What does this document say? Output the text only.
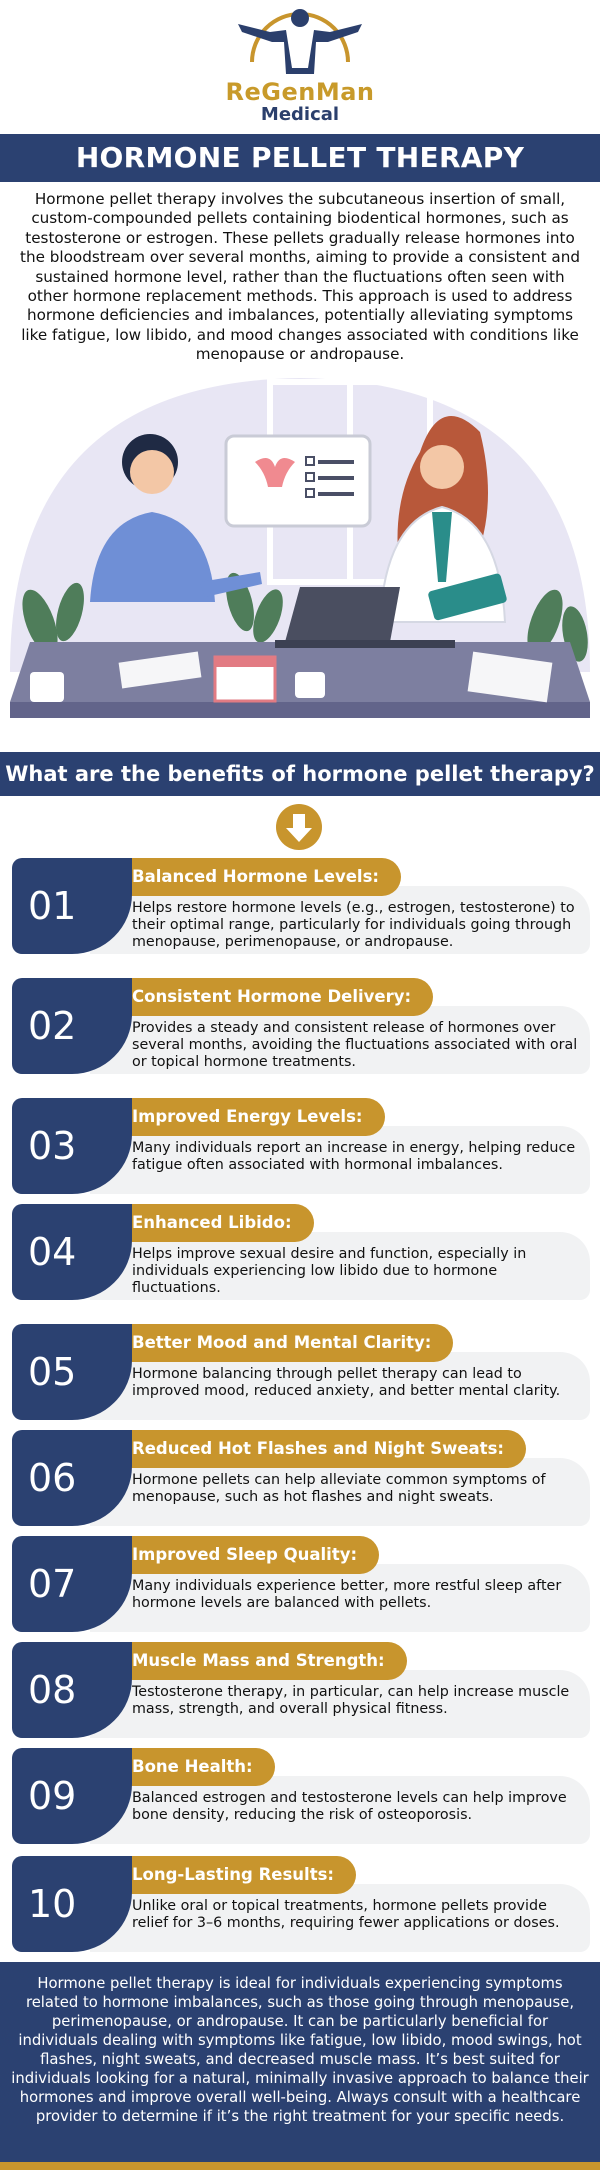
ReGenMan
Medical
HORMONE PELLET THERAPY
Hormone pellet therapy involves the subcutaneous insertion of small, custom-compounded pellets containing biodentical hormones, such as testosterone or estrogen. These pellets gradually release hormones into the bloodstream over several months, aiming to provide a consistent and sustained hormone level, rather than the fluctuations often seen with other hormone replacement methods. This approach is used to address hormone deficiencies and imbalances, potentially alleviating symptoms like fatigue, low libido, and mood changes associated with conditions like menopause or andropause.
What are the benefits of hormone pellet therapy?
Balanced Hormone Levels:
01	Helps restore hormone levels (e.g., estrogen, testosterone) to their optimal range, particularly for individuals going through menopause, perimenopause, or andropause.
Consistent Hormone Delivery:
02	Provides a steady and consistent release of hormones over several months, avoiding the fluctuations associated with oral or topical hormone treatments.
Improved Energy Levels:
03	Many individuals report an increase in energy, helping reduce fatigue often associated with hormonal imbalances.
Enhanced Libido:
04	Helps improve sexual desire and function, especially in individuals experiencing low libido due to hormone fluctuations.
Better Mood and Mental Clarity:
05	Hormone balancing through pellet therapy can lead to improved mood, reduced anxiety, and better mental clarity.
Reduced Hot Flashes and Night Sweats:
06	Hormone pellets can help alleviate common symptoms of menopause, such as hot flashes and night sweats.
Improved Sleep Quality:
07	Many individuals experience better, more restful sleep after hormone levels are balanced with pellets.
Muscle Mass and Strength:
08	Testosterone therapy, in particular, can help increase muscle mass, strength, and overall physical fitness.
Bone Health:
09	Balanced estrogen and testosterone levels can help improve bone density, reducing the risk of osteoporosis.
Long-Lasting Results:
10	Unlike oral or topical treatments, hormone pellets provide relief for 3–6 months, requiring fewer applications or doses.
Hormone pellet therapy is ideal for individuals experiencing symptoms related to hormone imbalances, such as those going through menopause, perimenopause, or andropause. It can be particularly beneficial for individuals dealing with symptoms like fatigue, low libido, mood swings, hot flashes, night sweats, and decreased muscle mass. It’s best suited for individuals looking for a natural, minimally invasive approach to balance their hormones and improve overall well-being. Always consult with a healthcare provider to determine if it’s the right treatment for your specific needs.
